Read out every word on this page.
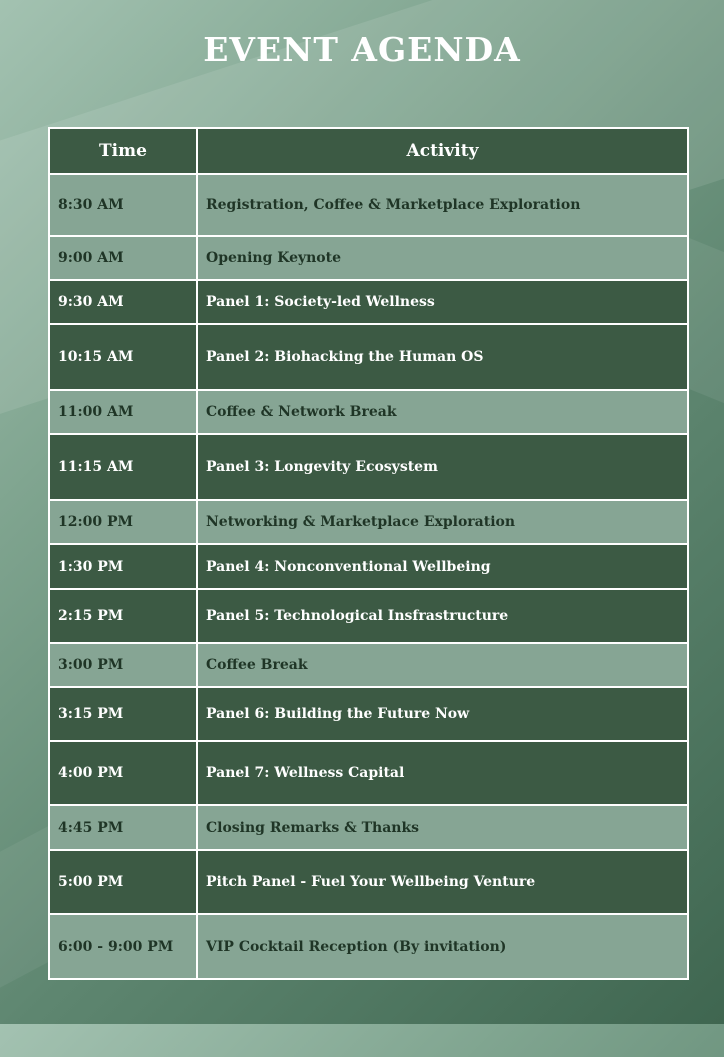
EVENT AGENDA
Time	Activity
8:30 AM	Registration, Coffee & Marketplace Exploration
9:00 AM	Opening Keynote
9:30 AM	Panel 1: Society-led Wellness
10:15 AM	Panel 2: Biohacking the Human OS
11:00 AM	Coffee & Network Break
11:15 AM	Panel 3: Longevity Ecosystem
12:00 PM	Networking & Marketplace Exploration
1:30 PM	Panel 4: Nonconventional Wellbeing
2:15 PM	Panel 5: Technological Insfrastructure
3:00 PM	Coffee Break
3:15 PM	Panel 6: Building the Future Now
4:00 PM	Panel 7: Wellness Capital
4:45 PM	Closing Remarks & Thanks
5:00 PM	Pitch Panel - Fuel Your Wellbeing Venture
6:00 - 9:00 PM	VIP Cocktail Reception (By invitation)
